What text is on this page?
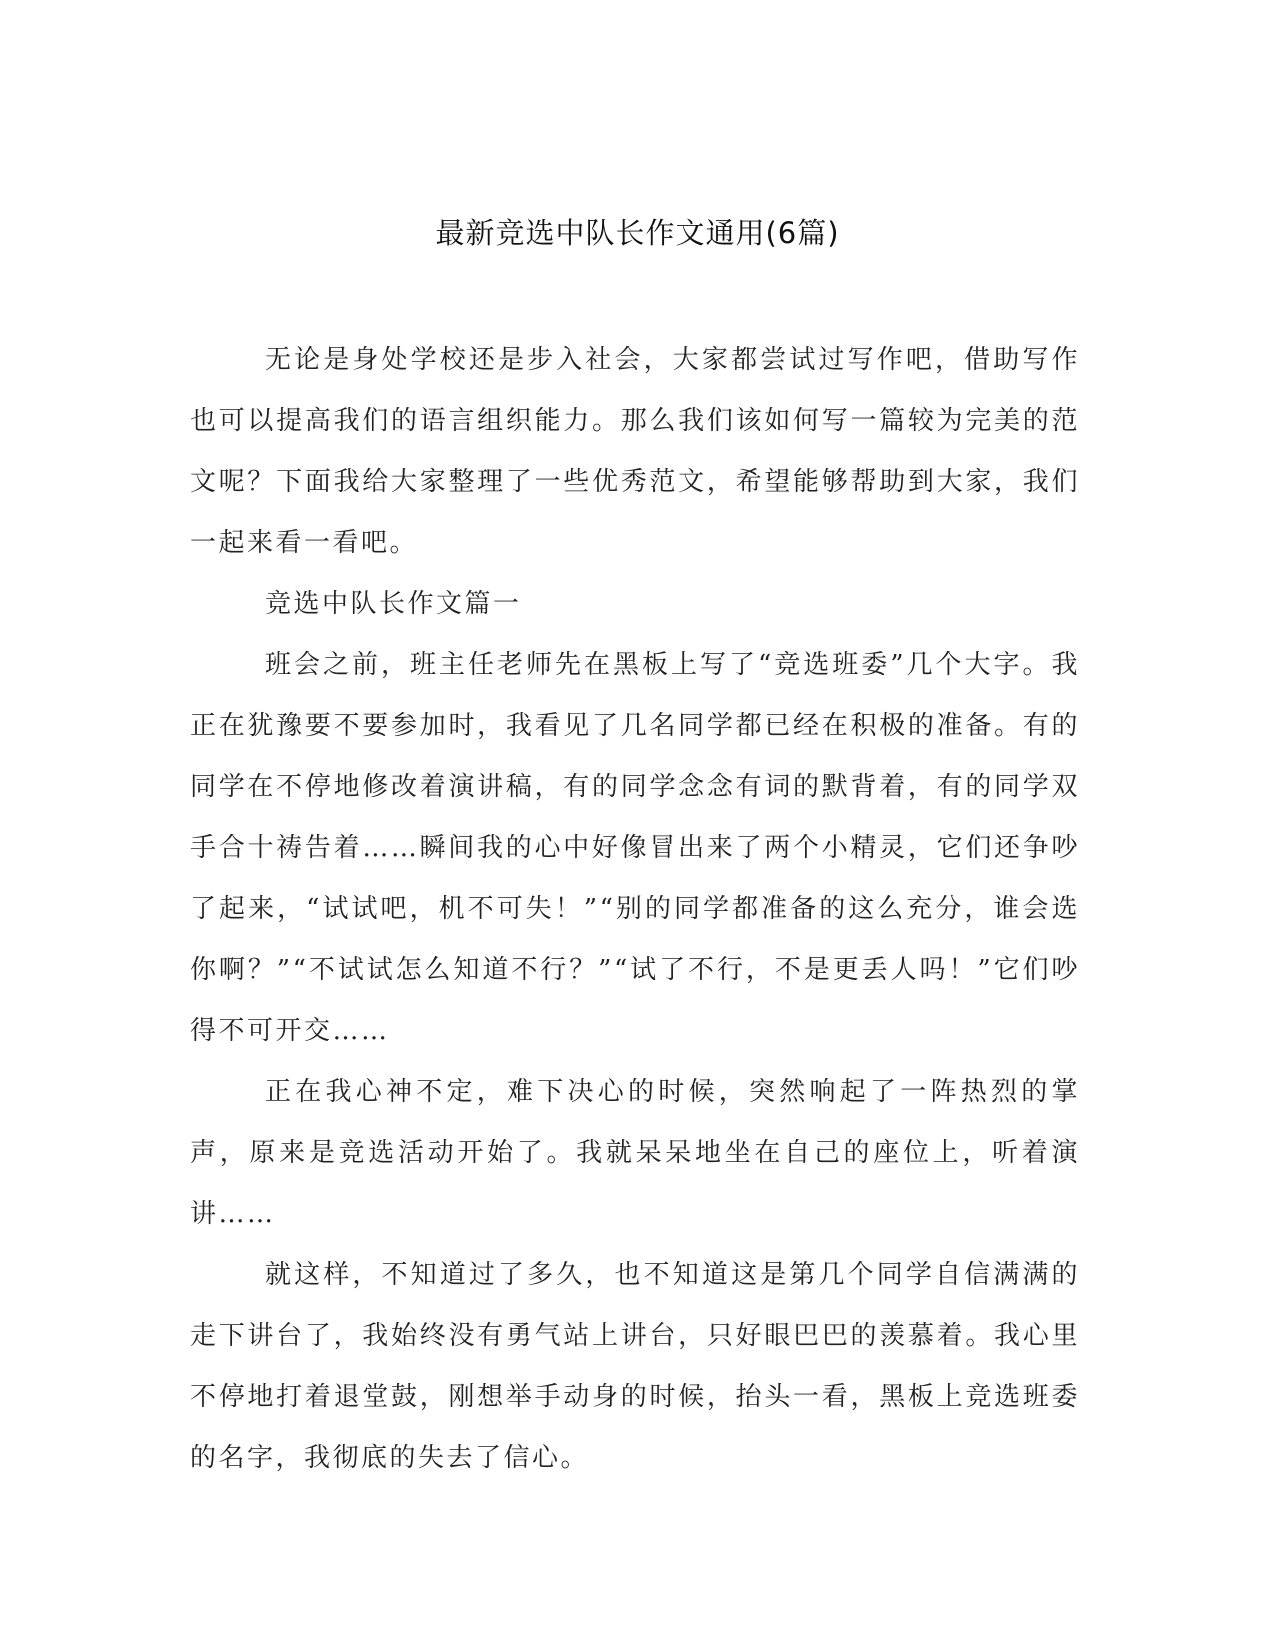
最新竞选中队长作文通用(6篇)

无论是身处学校还是步入社会，大家都尝试过写作吧，借助写作也可以提高我们的语言组织能力。那么我们该如何写一篇较为完美的范文呢？下面我给大家整理了一些优秀范文，希望能够帮助到大家，我们一起来看一看吧。

竞选中队长作文篇一

班会之前，班主任老师先在黑板上写了“竞选班委”几个大字。我正在犹豫要不要参加时，我看见了几名同学都已经在积极的准备。有的同学在不停地修改着演讲稿，有的同学念念有词的默背着，有的同学双手合十祷告着……瞬间我的心中好像冒出来了两个小精灵，它们还争吵了起来，“试试吧，机不可失！”“别的同学都准备的这么充分，谁会选你啊？”“不试试怎么知道不行？”“试了不行，不是更丢人吗！”它们吵得不可开交……

正在我心神不定，难下决心的时候，突然响起了一阵热烈的掌声，原来是竞选活动开始了。我就呆呆地坐在自己的座位上，听着演讲……

就这样，不知道过了多久，也不知道这是第几个同学自信满满的走下讲台了，我始终没有勇气站上讲台，只好眼巴巴的羡慕着。我心里不停地打着退堂鼓，刚想举手动身的时候，抬头一看，黑板上竞选班委的名字，我彻底的失去了信心。
